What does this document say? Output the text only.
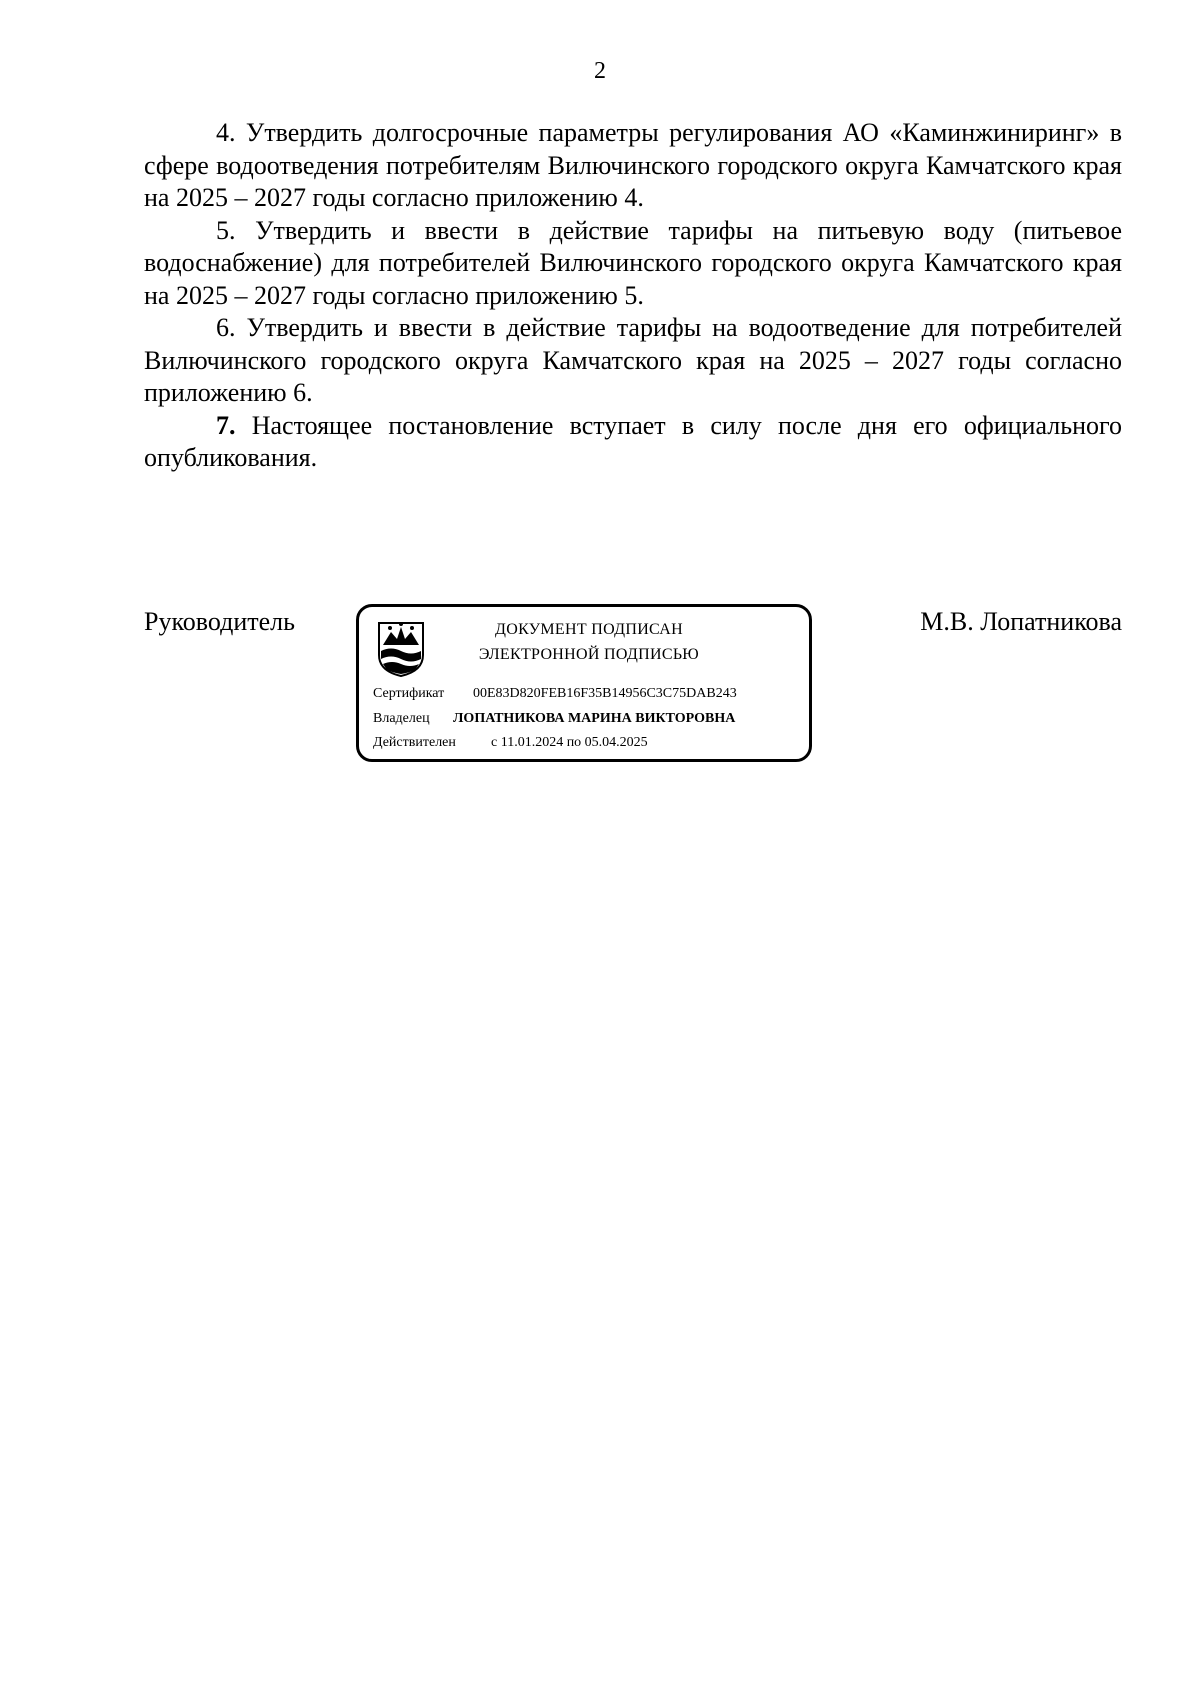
2

4. Утвердить долгосрочные параметры регулирования АО «Каминжиниринг» в сфере водоотведения потребителям Вилючинского городского округа Камчатского края на 2025 – 2027 годы согласно приложению 4.

5. Утвердить и ввести в действие тарифы на питьевую воду (питьевое водоснабжение) для потребителей Вилючинского городского округа Камчатского края на 2025 – 2027 годы согласно приложению 5.

6. Утвердить и ввести в действие тарифы на водоотведение для потребителей Вилючинского городского округа Камчатского края на 2025 – 2027 годы согласно приложению 6.

7. Настоящее постановление вступает в силу после дня его официального опубликования.

Руководитель	ДОКУМЕНТ ПОДПИСАН
ЭЛЕКТРОННОЙ ПОДПИСЬЮ
Сертификат 00E83D820FEB16F35B14956C3C75DAB243
Владелец ЛОПАТНИКОВА МАРИНА ВИКТОРОВНА
Действителен	с 11.01.2024 по 05.04.2025
М.В. Лопатникова
